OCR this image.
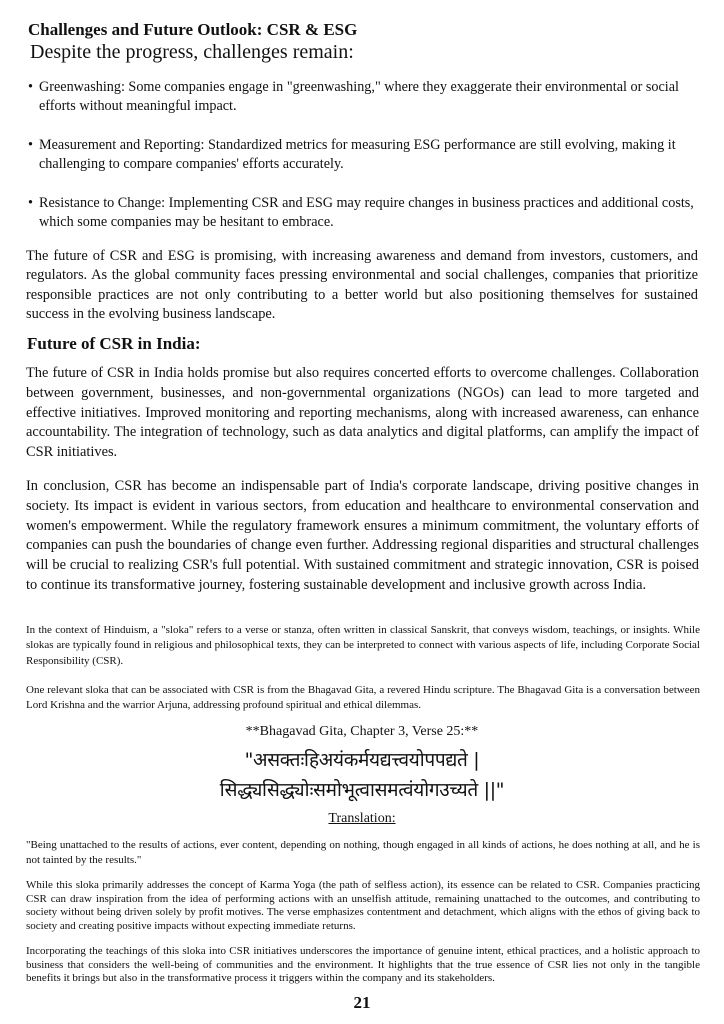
Challenges and Future Outlook: CSR & ESG
Despite the progress, challenges remain:
• Greenwashing: Some companies engage in "greenwashing," where they exaggerate their environmental or social efforts without meaningful impact.
• Measurement and Reporting: Standardized metrics for measuring ESG performance are still evolving, making it challenging to compare companies' efforts accurately.
• Resistance to Change: Implementing CSR and ESG may require changes in business practices and additional costs, which some companies may be hesitant to embrace.

The future of CSR and ESG is promising, with increasing awareness and demand from investors, customers, and regulators. As the global community faces pressing environmental and social challenges, companies that prioritize responsible practices are not only contributing to a better world but also positioning themselves for sustained success in the evolving business landscape.

Future of CSR in India:

The future of CSR in India holds promise but also requires concerted efforts to overcome challenges. Collaboration between government, businesses, and non-governmental organizations (NGOs) can lead to more targeted and effective initiatives. Improved monitoring and reporting mechanisms, along with increased awareness, can enhance accountability. The integration of technology, such as data analytics and digital platforms, can amplify the impact of CSR initiatives.

In conclusion, CSR has become an indispensable part of India's corporate landscape, driving positive changes in society. Its impact is evident in various sectors, from education and healthcare to environmental conservation and women's empowerment. While the regulatory framework ensures a minimum commitment, the voluntary efforts of companies can push the boundaries of change even further. Addressing regional disparities and structural challenges will be crucial to realizing CSR's full potential. With sustained commitment and strategic innovation, CSR is poised to continue its transformative journey, fostering sustainable development and inclusive growth across India.

In the context of Hinduism, a "sloka" refers to a verse or stanza, often written in classical Sanskrit, that conveys wisdom, teachings, or insights. While slokas are typically found in religious and philosophical texts, they can be interpreted to connect with various aspects of life, including Corporate Social Responsibility (CSR).

One relevant sloka that can be associated with CSR is from the Bhagavad Gita, a revered Hindu scripture. The Bhagavad Gita is a conversation between Lord Krishna and the warrior Arjuna, addressing profound spiritual and ethical dilemmas.

**Bhagavad Gita, Chapter 3, Verse 25:**
"असक्तःहिअयंकर्मयद्यत्त्वयोपपद्यते |
सिद्ध्यसिद्ध्योःसमोभूत्वासमत्वंयोगउच्यते ||"
Translation:

"Being unattached to the results of actions, ever content, depending on nothing, though engaged in all kinds of actions, he does nothing at all, and he is not tainted by the results."

While this sloka primarily addresses the concept of Karma Yoga (the path of selfless action), its essence can be related to CSR. Companies practicing CSR can draw inspiration from the idea of performing actions with an unselfish attitude, remaining unattached to the outcomes, and contributing to society without being driven solely by profit motives. The verse emphasizes contentment and detachment, which aligns with the ethos of giving back to society and creating positive impacts without expecting immediate returns.

Incorporating the teachings of this sloka into CSR initiatives underscores the importance of genuine intent, ethical practices, and a holistic approach to business that considers the well-being of communities and the environment. It highlights that the true essence of CSR lies not only in the tangible benefits it brings but also in the transformative process it triggers within the company and its stakeholders.

21
